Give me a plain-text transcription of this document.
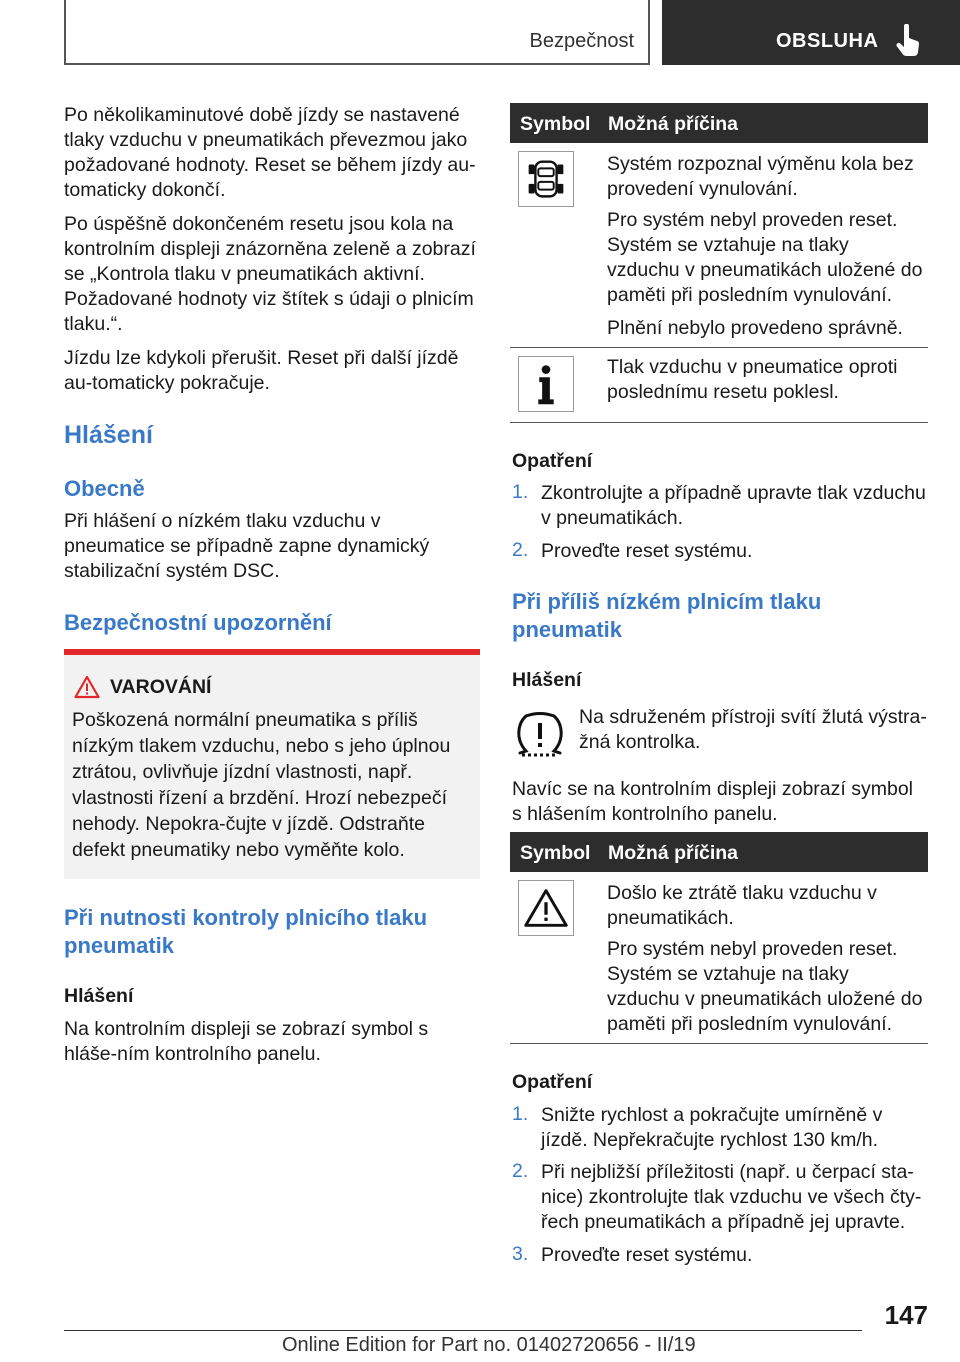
Bezpečnost	OBSLUHA
Po několikaminutové době jízdy se nastavené tlaky vzduchu v pneumatikách převezmou jako požadované hodnoty. Reset se během jízdy au-tomaticky dokončí.
Po úspěšně dokončeném resetu jsou kola na kontrolním displeji znázorněna zeleně a zobrazí se „Kontrola tlaku v pneumatikách aktivní. Požadované hodnoty viz štítek s údaji o plnicím tlaku.“.
Jízdu lze kdykoli přerušit. Reset při další jízdě au-tomaticky pokračuje.
Hlášení
Obecně
Při hlášení o nízkém tlaku vzduchu v pneumatice se případně zapne dynamický stabilizační systém DSC.
Bezpečnostní upozornění
VAROVÁNÍ
Poškozená normální pneumatika s příliš nízkým tlakem vzduchu, nebo s jeho úplnou ztrátou, ovlivňuje jízdní vlastnosti, např. vlastnosti řízení a brzdění. Hrozí nebezpečí nehody. Nepokra-čujte v jízdě. Odstraňte defekt pneumatiky nebo vyměňte kolo.
Při nutnosti kontroly plnicího tlaku pneumatik
Hlášení
Na kontrolním displeji se zobrazí symbol s hláše-ním kontrolního panelu.
Symbol Možná příčina
Systém rozpoznal výměnu kola bez provedení vynulování.
Pro systém nebyl proveden reset. Systém se vztahuje na tlaky vzduchu v pneumatikách uložené do paměti při posledním vynulování.
Plnění nebylo provedeno správně.
Tlak vzduchu v pneumatice oproti poslednímu resetu poklesl.
Opatření
1. Zkontrolujte a případně upravte tlak vzduchu v pneumatikách.
2. Proveďte reset systému.
Při příliš nízkém plnicím tlaku pneumatik
Hlášení
Na sdruženém přístroji svítí žlutá výstra-žná kontrolka.
Navíc se na kontrolním displeji zobrazí symbol s hlášením kontrolního panelu.
Symbol Možná příčina
Došlo ke ztrátě tlaku vzduchu v pneumatikách.
Pro systém nebyl proveden reset. Systém se vztahuje na tlaky vzduchu v pneumatikách uložené do paměti při posledním vynulování.
Opatření
1. Snižte rychlost a pokračujte umírněně v jízdě. Nepřekračujte rychlost 130 km/h.
2. Při nejbližší příležitosti (např. u čerpací sta-nice) zkontrolujte tlak vzduchu ve všech čty-řech pneumatikách a případně jej upravte.
3. Proveďte reset systému.
147
Online Edition for Part no. 01402720656 - II/19
